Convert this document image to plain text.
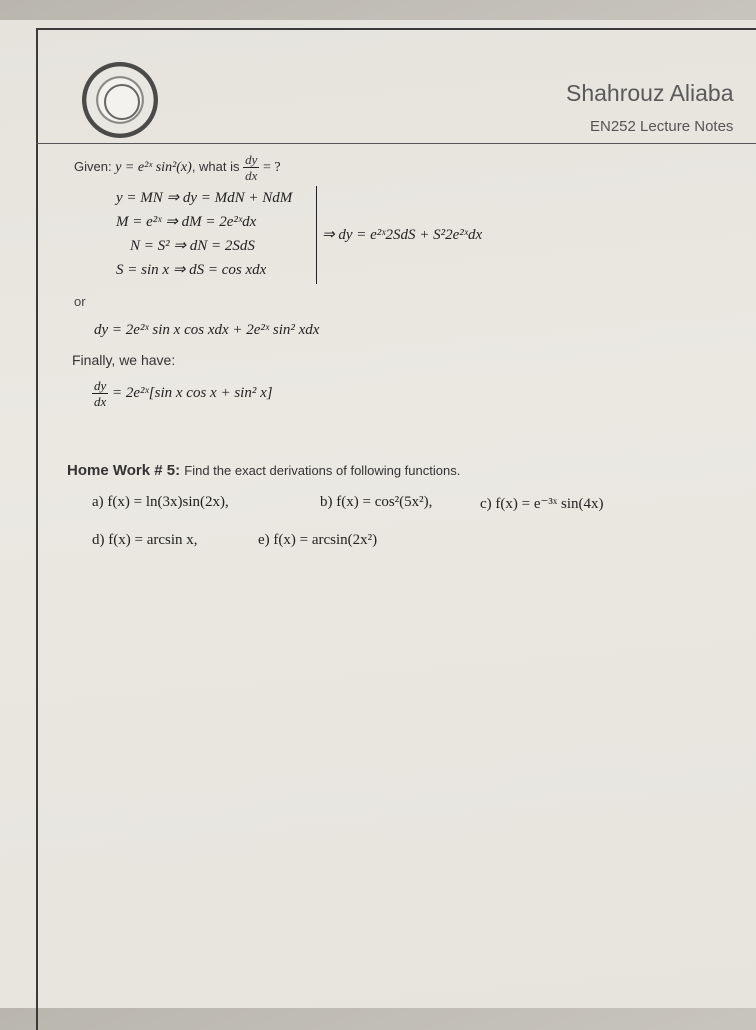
Shahrouz Aliaba
EN252 Lecture Notes
Given: y = e²ˣ sin²(x), what is $\frac{dy}{dx}$ = ?
y = MN ⇒ dy = MdN + NdM
M = e²ˣ ⇒ dM = 2e²ˣdx
N = S² ⇒ dN = 2SdS
S = sin x ⇒ dS = cos xdx
⇒ dy = e²ˣ2SdS + S²2e²ˣdx
or
dy = 2e²ˣ sin x cos xdx + 2e²ˣ sin² xdx
Finally, we have:
$\frac{dy}{dx}$ = 2e²ˣ[sin x cos x + sin² x]
Home Work # 5: Find the exact derivations of following functions.
a) f(x) = ln(3x)sin(2x),	b) f(x) = cos²(5x²),	c) f(x) = e⁻³ˣ sin(4x)
d) f(x) = arcsin x,	e) f(x) = arcsin(2x²)
